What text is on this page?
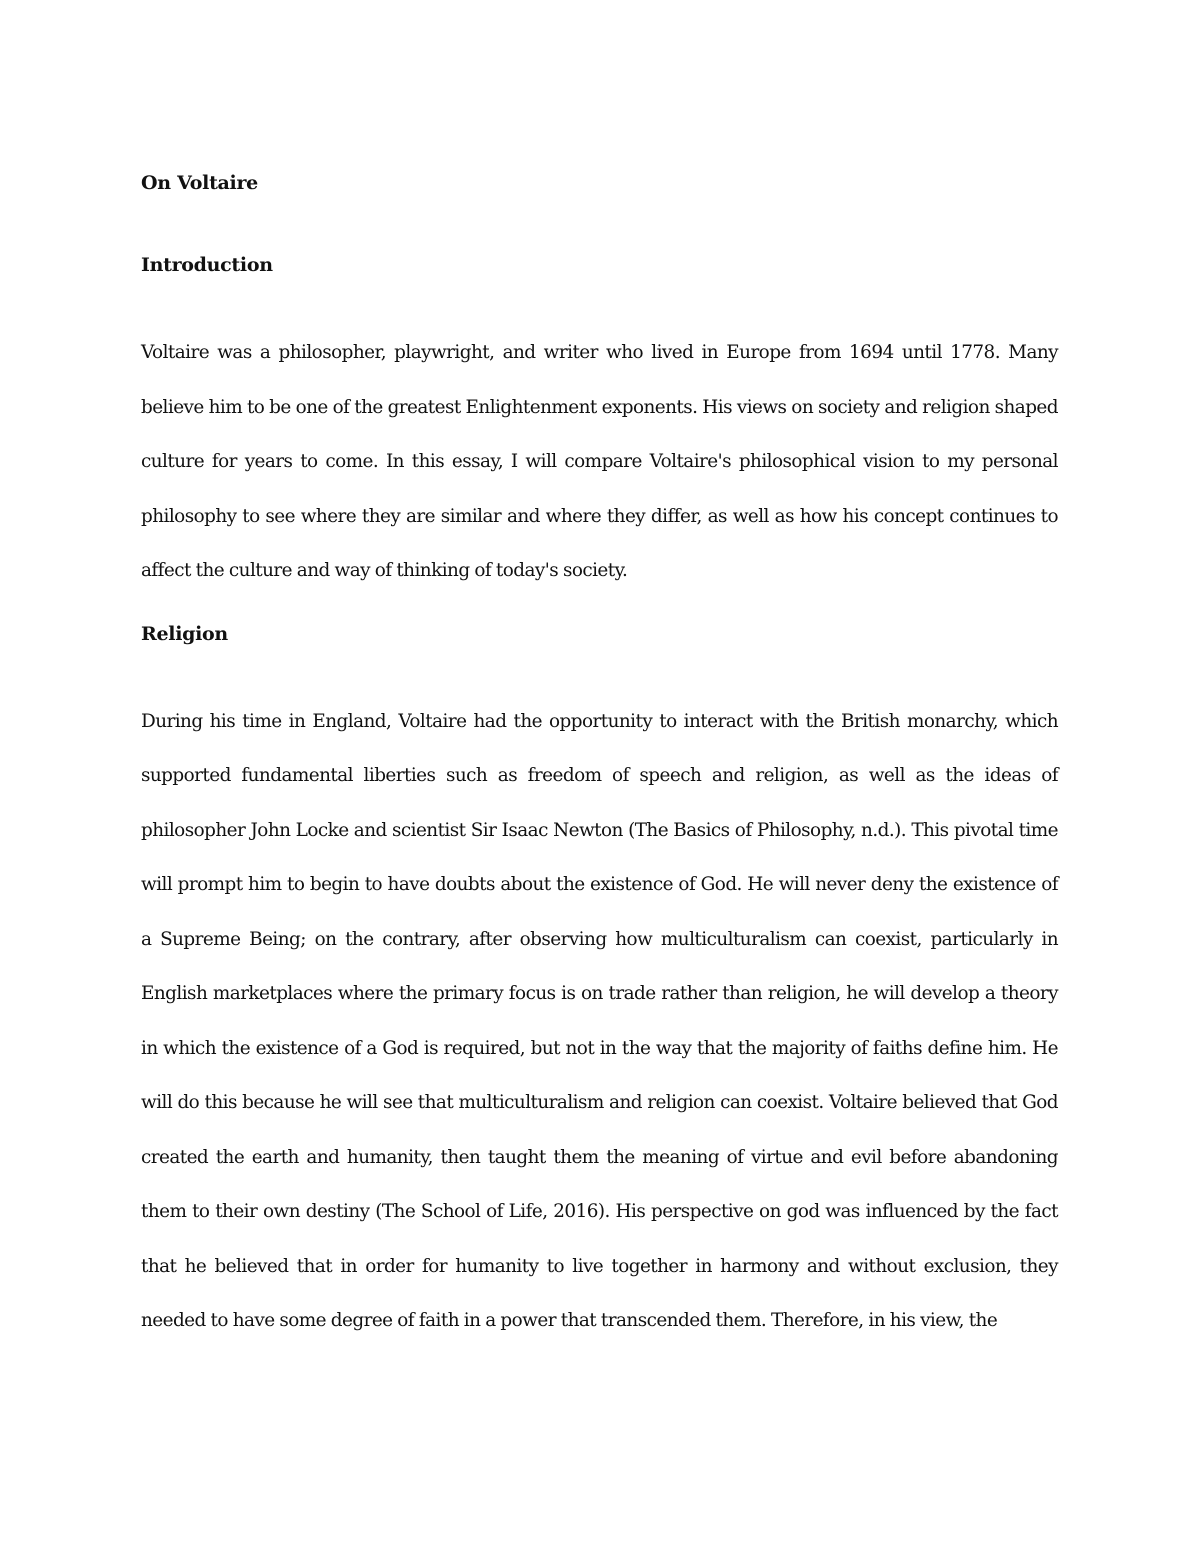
On Voltaire
Introduction
Voltaire was a philosopher, playwright, and writer who lived in Europe from 1694 until 1778. Many believe him to be one of the greatest Enlightenment exponents. His views on society and religion shaped culture for years to come. In this essay, I will compare Voltaire's philosophical vision to my personal philosophy to see where they are similar and where they differ, as well as how his concept continues to affect the culture and way of thinking of today's society.
Religion
During his time in England, Voltaire had the opportunity to interact with the British monarchy, which supported fundamental liberties such as freedom of speech and religion, as well as the ideas of philosopher John Locke and scientist Sir Isaac Newton (The Basics of Philosophy, n.d.). This pivotal time will prompt him to begin to have doubts about the existence of God. He will never deny the existence of a Supreme Being; on the contrary, after observing how multiculturalism can coexist, particularly in English marketplaces where the primary focus is on trade rather than religion, he will develop a theory in which the existence of a God is required, but not in the way that the majority of faiths define him. He will do this because he will see that multiculturalism and religion can coexist. Voltaire believed that God created the earth and humanity, then taught them the meaning of virtue and evil before abandoning them to their own destiny (The School of Life, 2016). His perspective on god was influenced by the fact that he believed that in order for humanity to live together in harmony and without exclusion, they needed to have some degree of faith in a power that transcended them. Therefore, in his view, the
